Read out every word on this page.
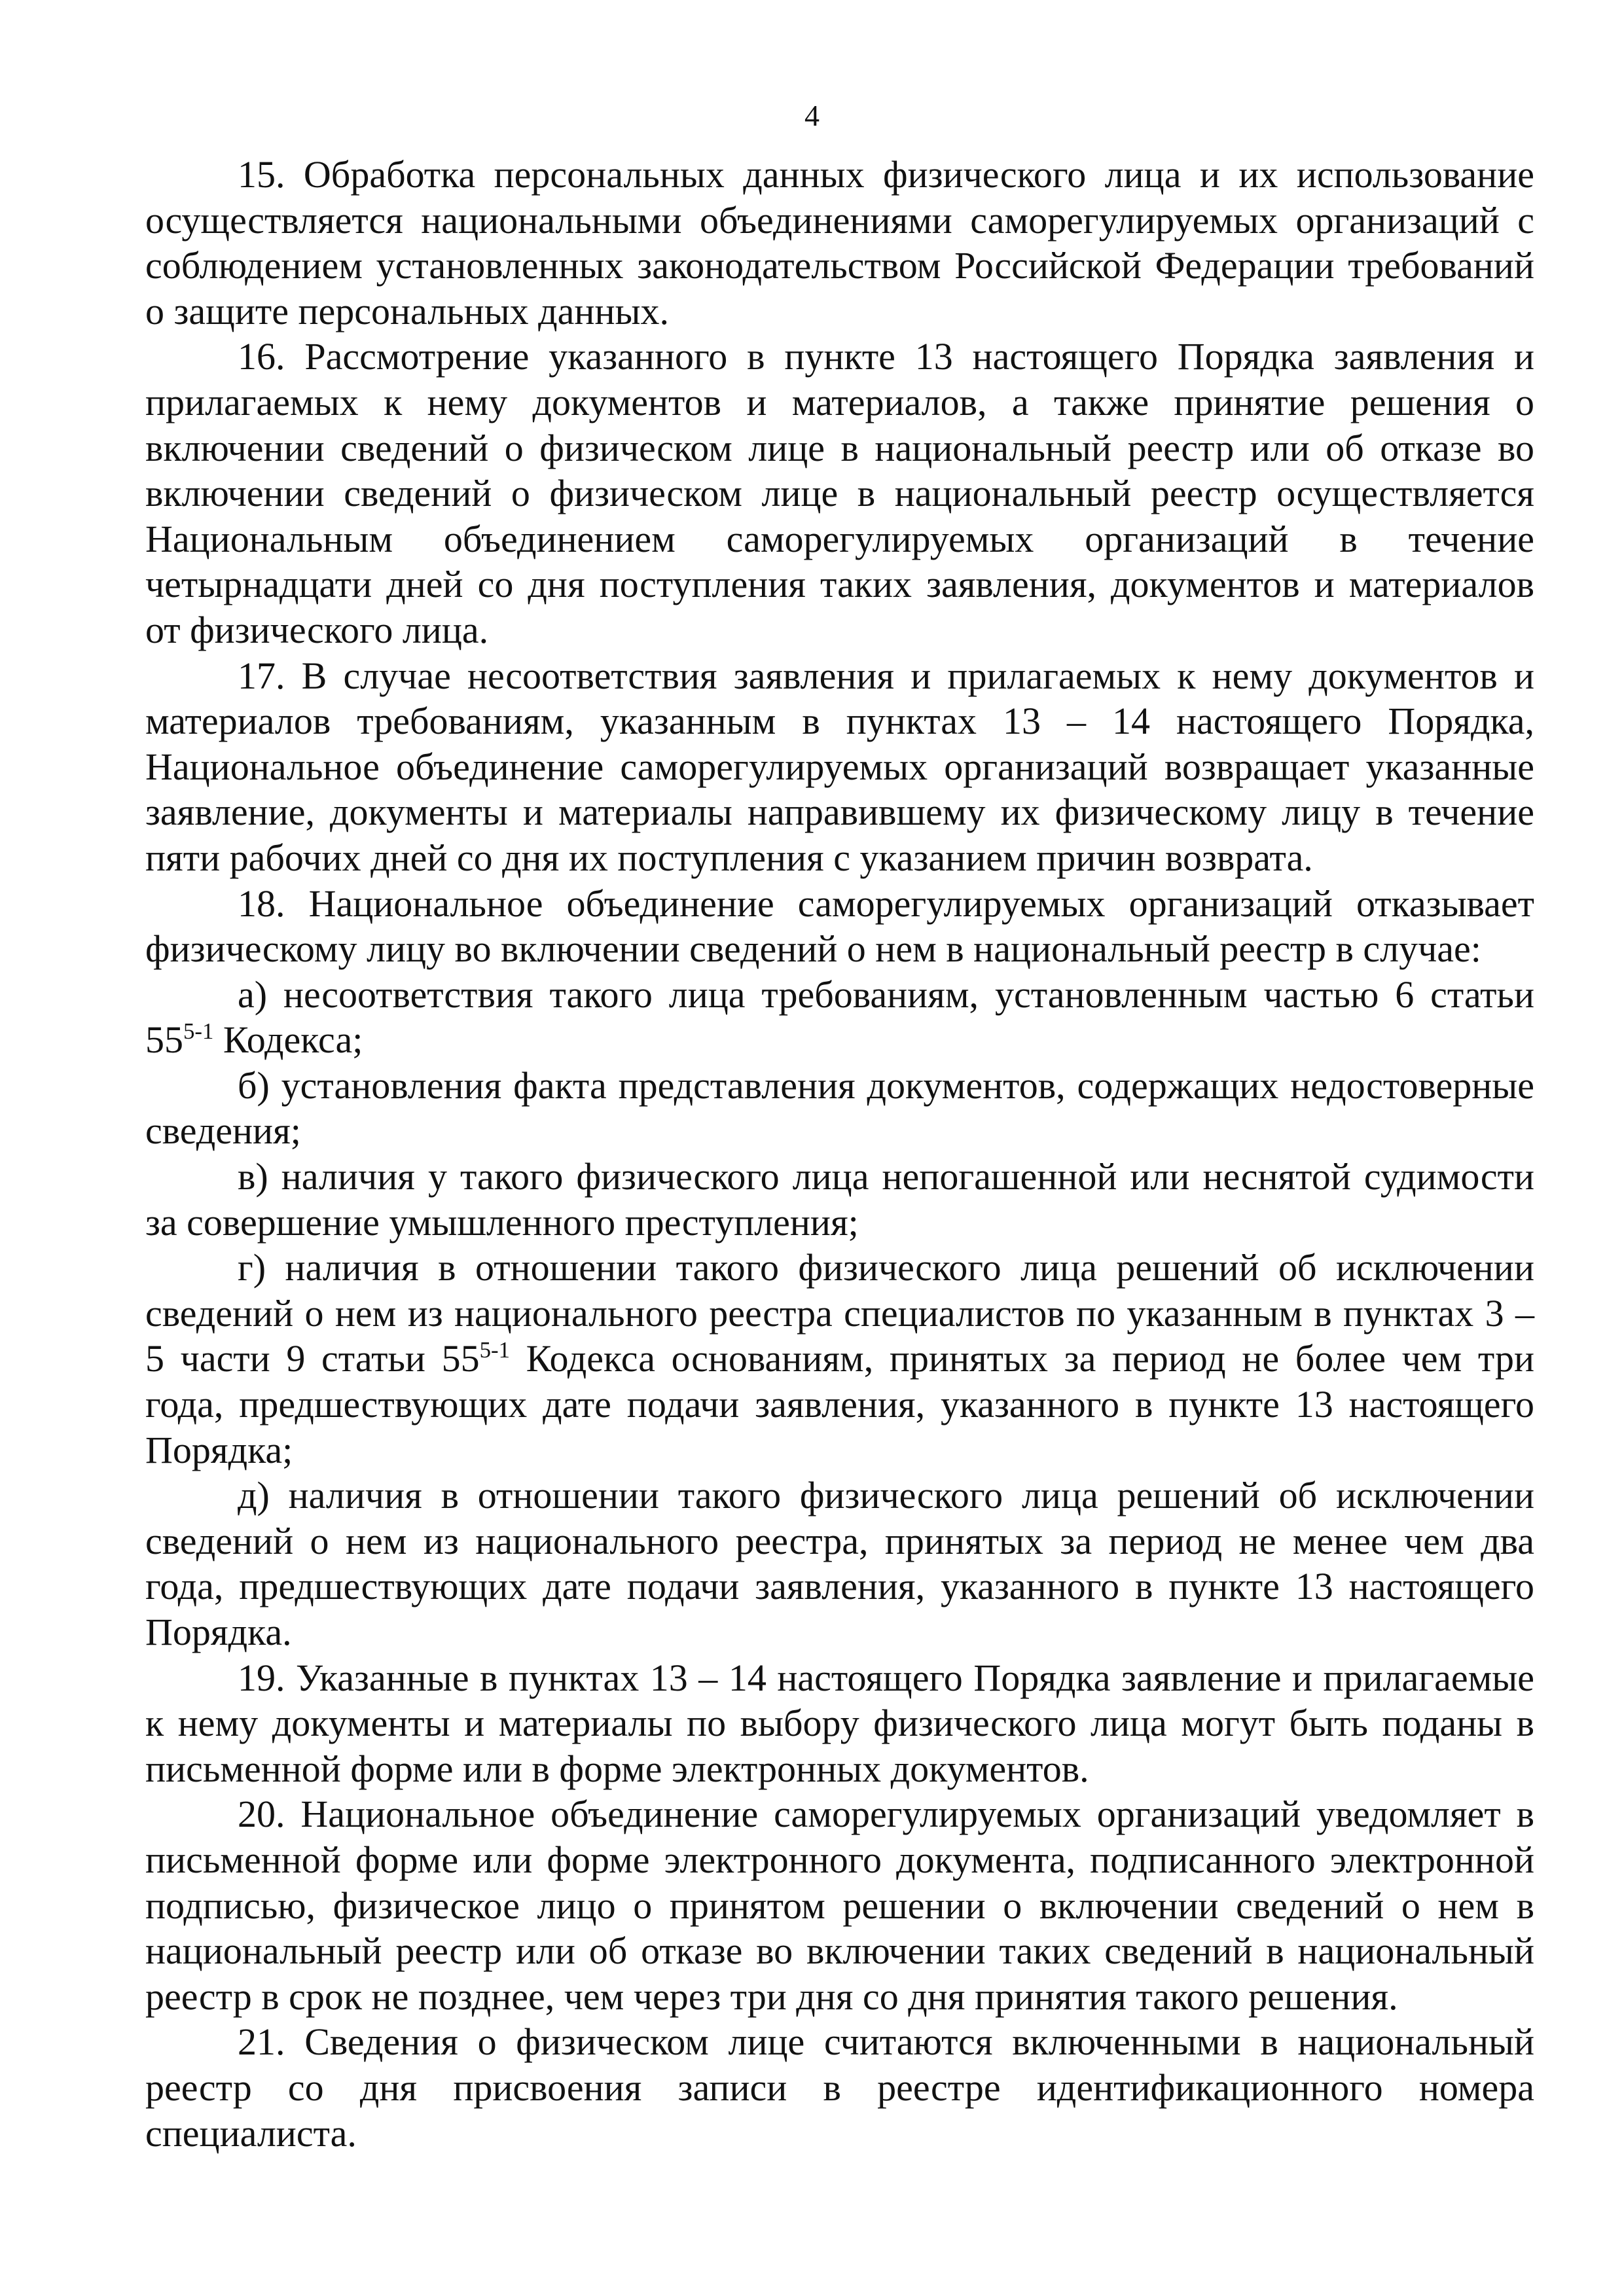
4

15. Обработка персональных данных физического лица и их использование осуществляется национальными объединениями саморегулируемых организаций с соблюдением установленных законодательством Российской Федерации требований о защите персональных данных.

16. Рассмотрение указанного в пункте 13 настоящего Порядка заявления и прилагаемых к нему документов и материалов, а также принятие решения о включении сведений о физическом лице в национальный реестр или об отказе во включении сведений о физическом лице в национальный реестр осуществляется Национальным объединением саморегулируемых организаций в течение четырнадцати дней со дня поступления таких заявления, документов и материалов от физического лица.

17. В случае несоответствия заявления и прилагаемых к нему документов и материалов требованиям, указанным в пунктах 13 – 14 настоящего Порядка, Национальное объединение саморегулируемых организаций возвращает указанные заявление, документы и материалы направившему их физическому лицу в течение пяти рабочих дней со дня их поступления с указанием причин возврата.

18. Национальное объединение саморегулируемых организаций отказывает физическому лицу во включении сведений о нем в национальный реестр в случае:

а) несоответствия такого лица требованиям, установленным частью 6 статьи 55$^{5-1}$ Кодекса;

б) установления факта представления документов, содержащих недостоверные сведения;

в) наличия у такого физического лица непогашенной или неснятой судимости за совершение умышленного преступления;

г) наличия в отношении такого физического лица решений об исключении сведений о нем из национального реестра специалистов по указанным в пунктах 3 – 5 части 9 статьи 55$^{5-1}$ Кодекса основаниям, принятых за период не более чем три года, предшествующих дате подачи заявления, указанного в пункте 13 настоящего Порядка;

д) наличия в отношении такого физического лица решений об исключении сведений о нем из национального реестра, принятых за период не менее чем два года, предшествующих дате подачи заявления, указанного в пункте 13 настоящего Порядка.

19. Указанные в пунктах 13 – 14 настоящего Порядка заявление и прилагаемые к нему документы и материалы по выбору физического лица могут быть поданы в письменной форме или в форме электронных документов.

20. Национальное объединение саморегулируемых организаций уведомляет в письменной форме или форме электронного документа, подписанного электронной подписью, физическое лицо о принятом решении о включении сведений о нем в национальный реестр или об отказе во включении таких сведений в национальный реестр в срок не позднее, чем через три дня со дня принятия такого решения.

21. Сведения о физическом лице считаются включенными в национальный реестр со дня присвоения записи в реестре идентификационного номера специалиста.
